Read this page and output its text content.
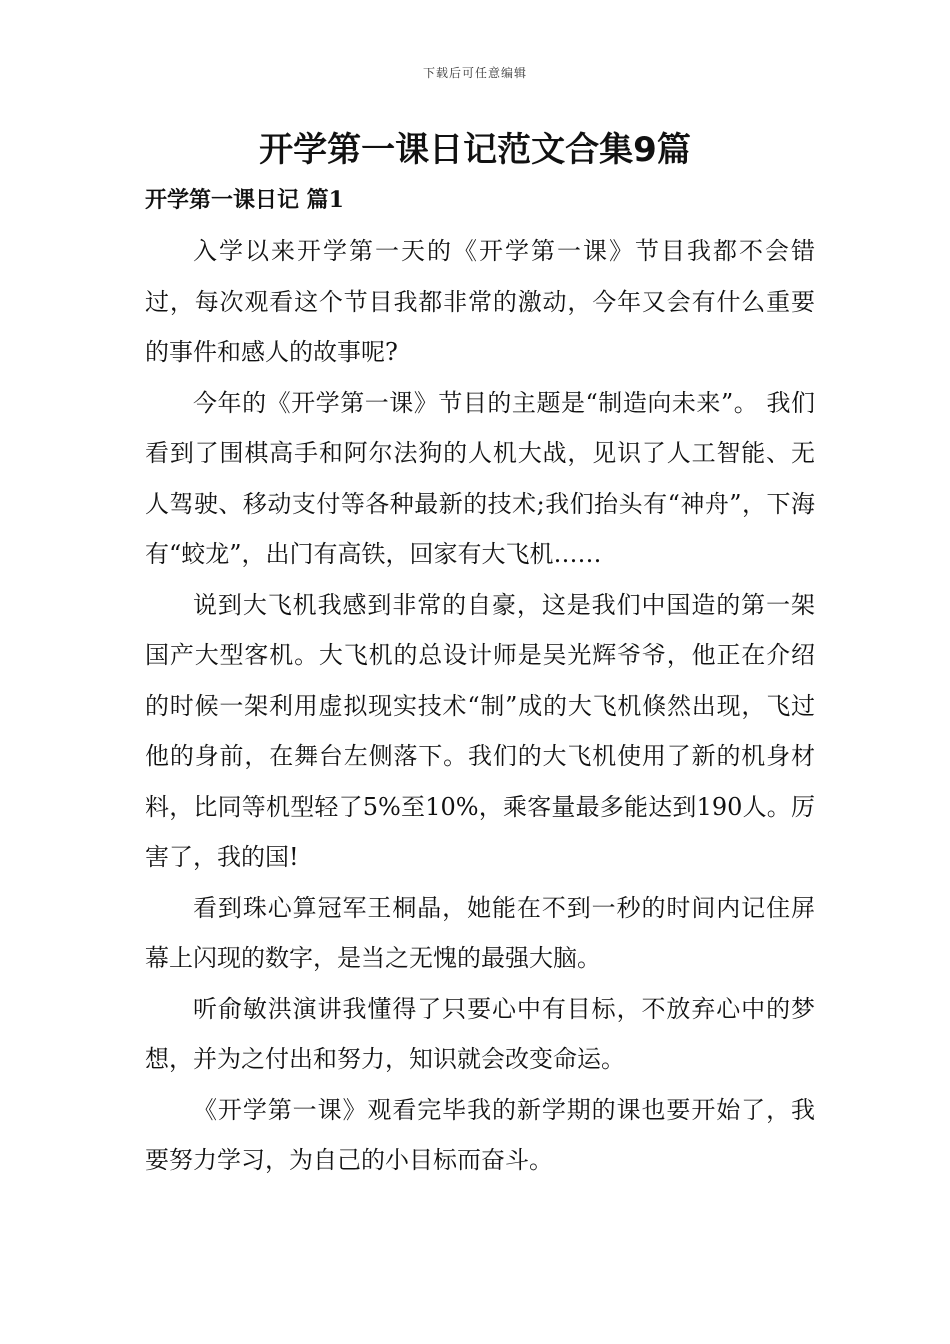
下载后可任意编辑
开学第一课日记范文合集9篇
开学第一课日记 篇1

入学以来开学第一天的《开学第一课》节目我都不会错过，每次观看这个节目我都非常的激动，今年又会有什么重要的事件和感人的故事呢?

今年的《开学第一课》节目的主题是“制造向未来”。 我们看到了围棋高手和阿尔法狗的人机大战，见识了人工智能、无人驾驶、移动支付等各种最新的技术;我们抬头有“神舟”，下海有“蛟龙”，出门有高铁，回家有大飞机……

说到大飞机我感到非常的自豪，这是我们中国造的第一架国产大型客机。大飞机的总设计师是吴光辉爷爷，他正在介绍的时候一架利用虚拟现实技术“制”成的大飞机倏然出现，飞过他的身前，在舞台左侧落下。我们的大飞机使用了新的机身材料，比同等机型轻了5%至10%，乘客量最多能达到190人。厉害了，我的国!

看到珠心算冠军王桐晶，她能在不到一秒的时间内记住屏幕上闪现的数字，是当之无愧的最强大脑。

听俞敏洪演讲我懂得了只要心中有目标，不放弃心中的梦想，并为之付出和努力，知识就会改变命运。

《开学第一课》观看完毕我的新学期的课也要开始了，我要努力学习，为自己的小目标而奋斗。
